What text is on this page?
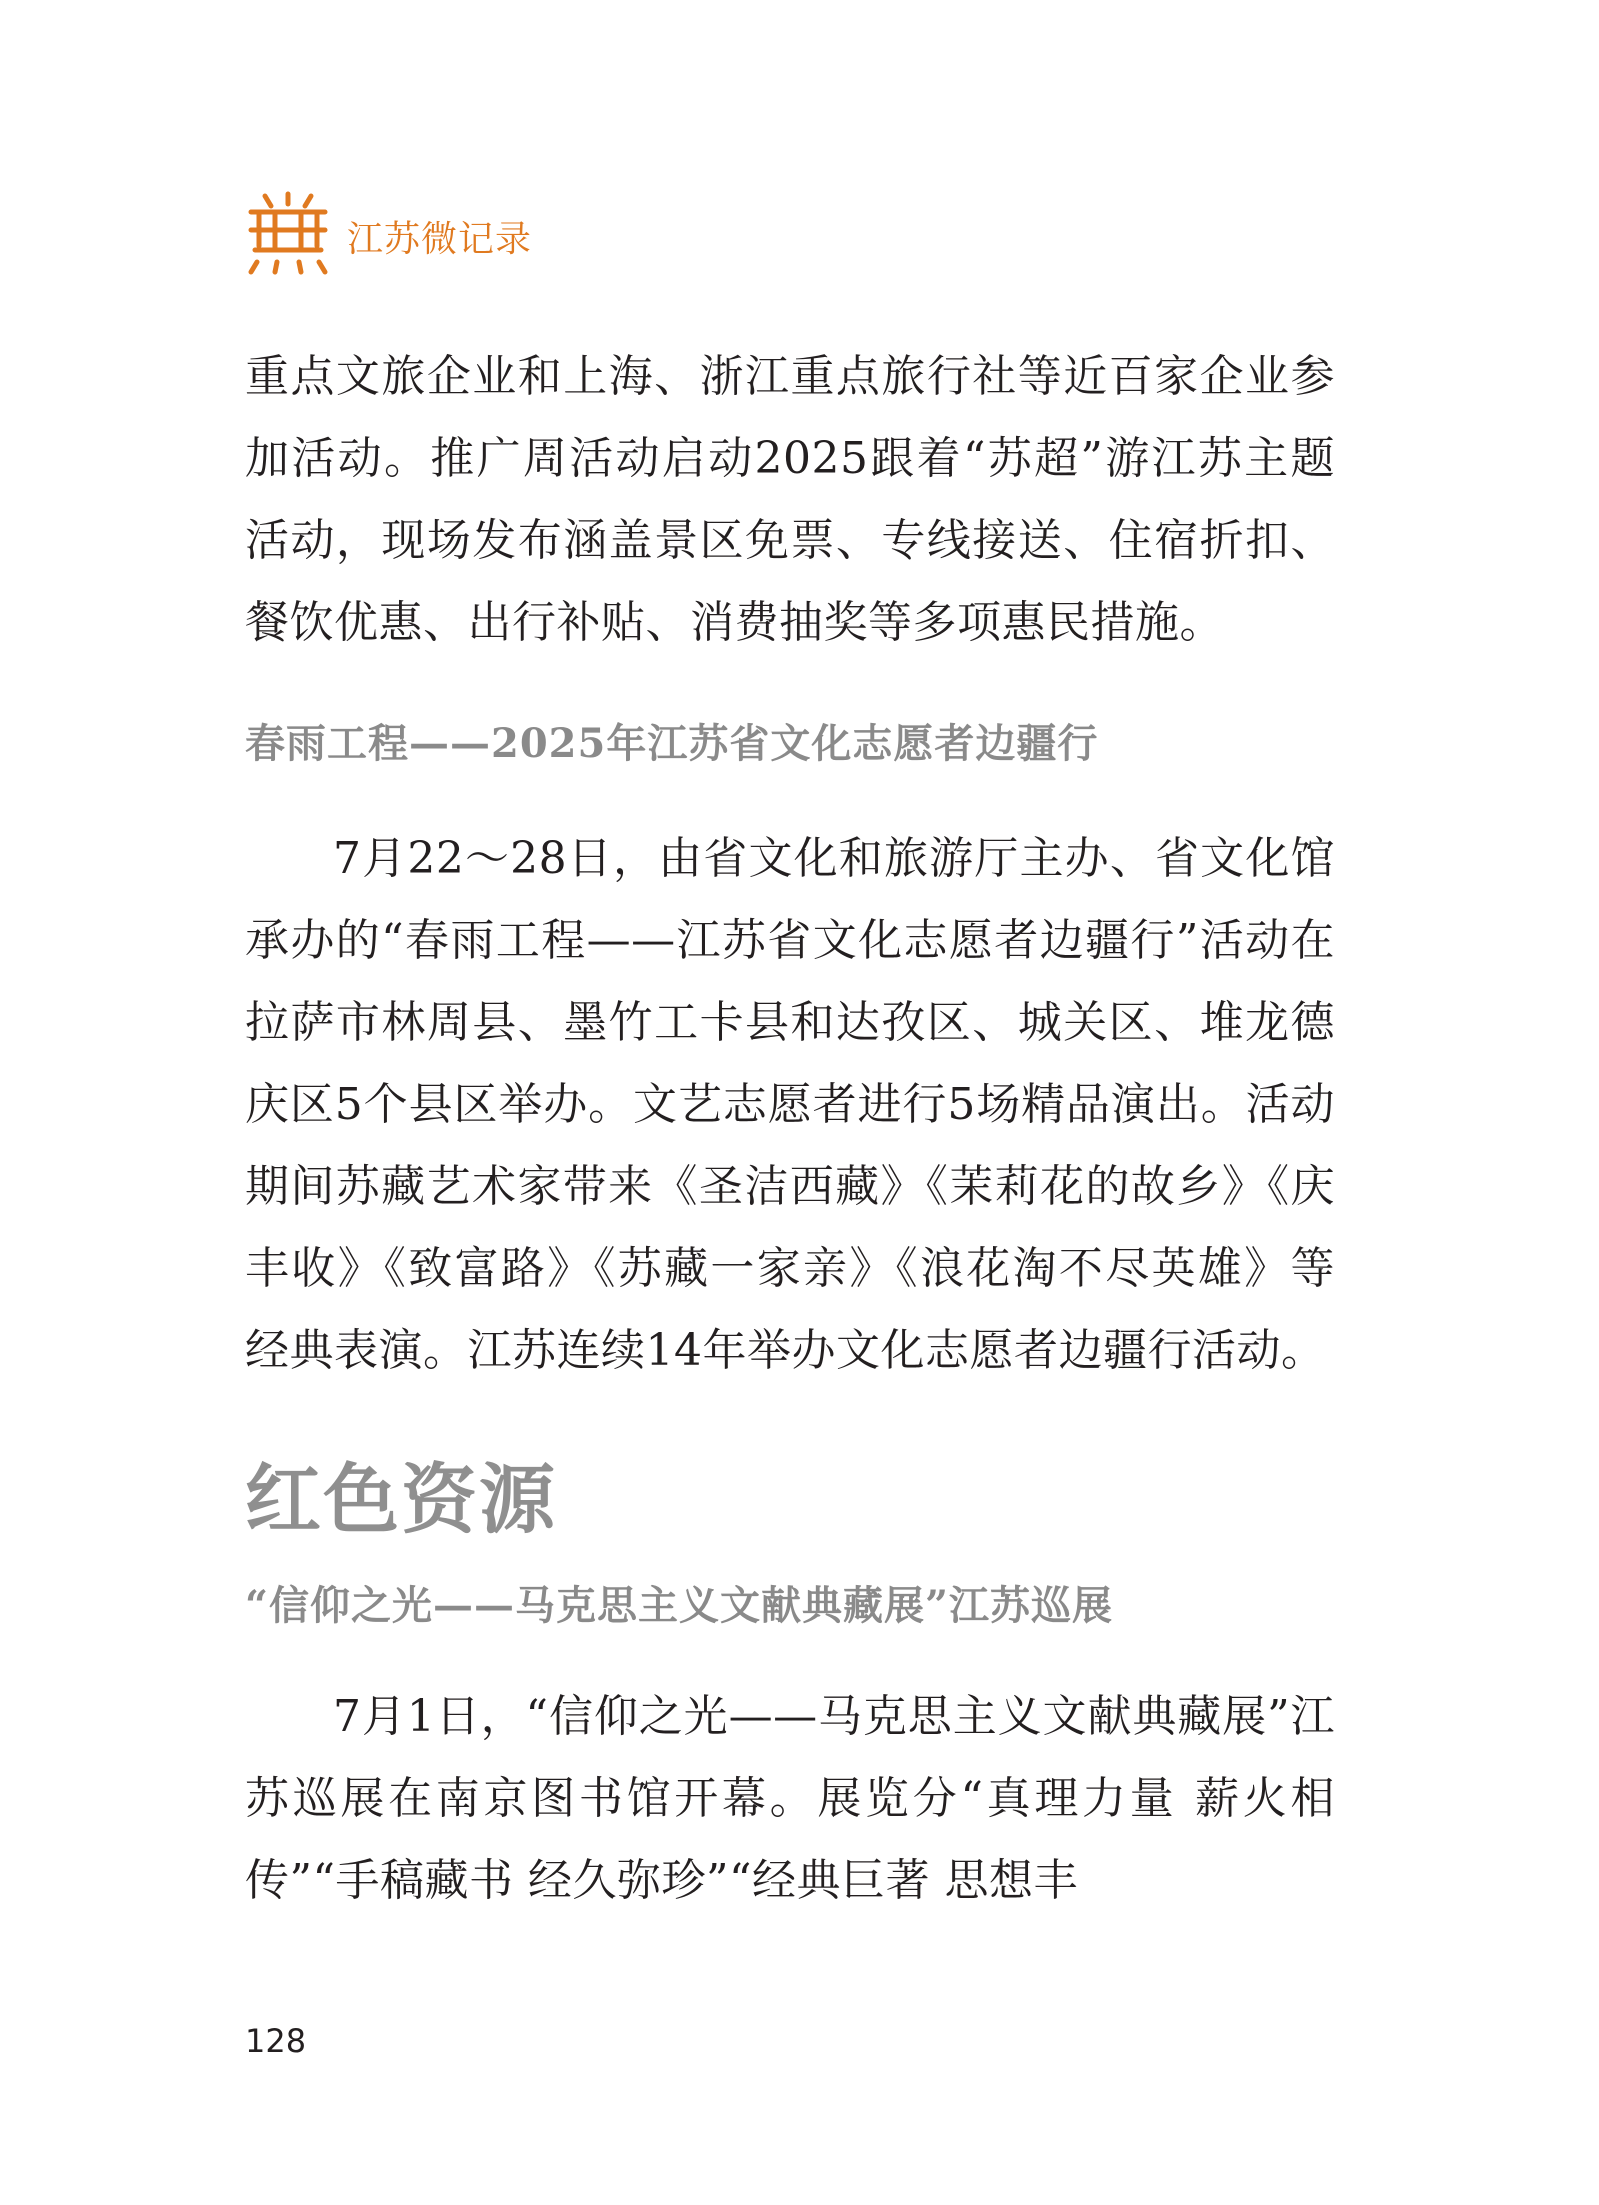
江苏微记录

重点文旅企业和上海、浙江重点旅行社等近百家企业参加活动。推广周活动启动2025跟着“苏超”游江苏主题活动，现场发布涵盖景区免票、专线接送、住宿折扣、餐饮优惠、出行补贴、消费抽奖等多项惠民措施。

春雨工程——2025年江苏省文化志愿者边疆行

7月22～28日，由省文化和旅游厅主办、省文化馆承办的“春雨工程——江苏省文化志愿者边疆行”活动在拉萨市林周县、墨竹工卡县和达孜区、城关区、堆龙德庆区5个县区举办。文艺志愿者进行5场精品演出。活动期间苏藏艺术家带来《圣洁西藏》《茉莉花的故乡》《庆丰收》《致富路》《苏藏一家亲》《浪花淘不尽英雄》等经典表演。江苏连续14年举办文化志愿者边疆行活动。

红色资源
“信仰之光——马克思主义文献典藏展”江苏巡展

7月1日，“信仰之光——马克思主义文献典藏展”江苏巡展在南京图书馆开幕。展览分“真理力量 薪火相传”“手稿藏书 经久弥珍”“经典巨著 思想丰

128
